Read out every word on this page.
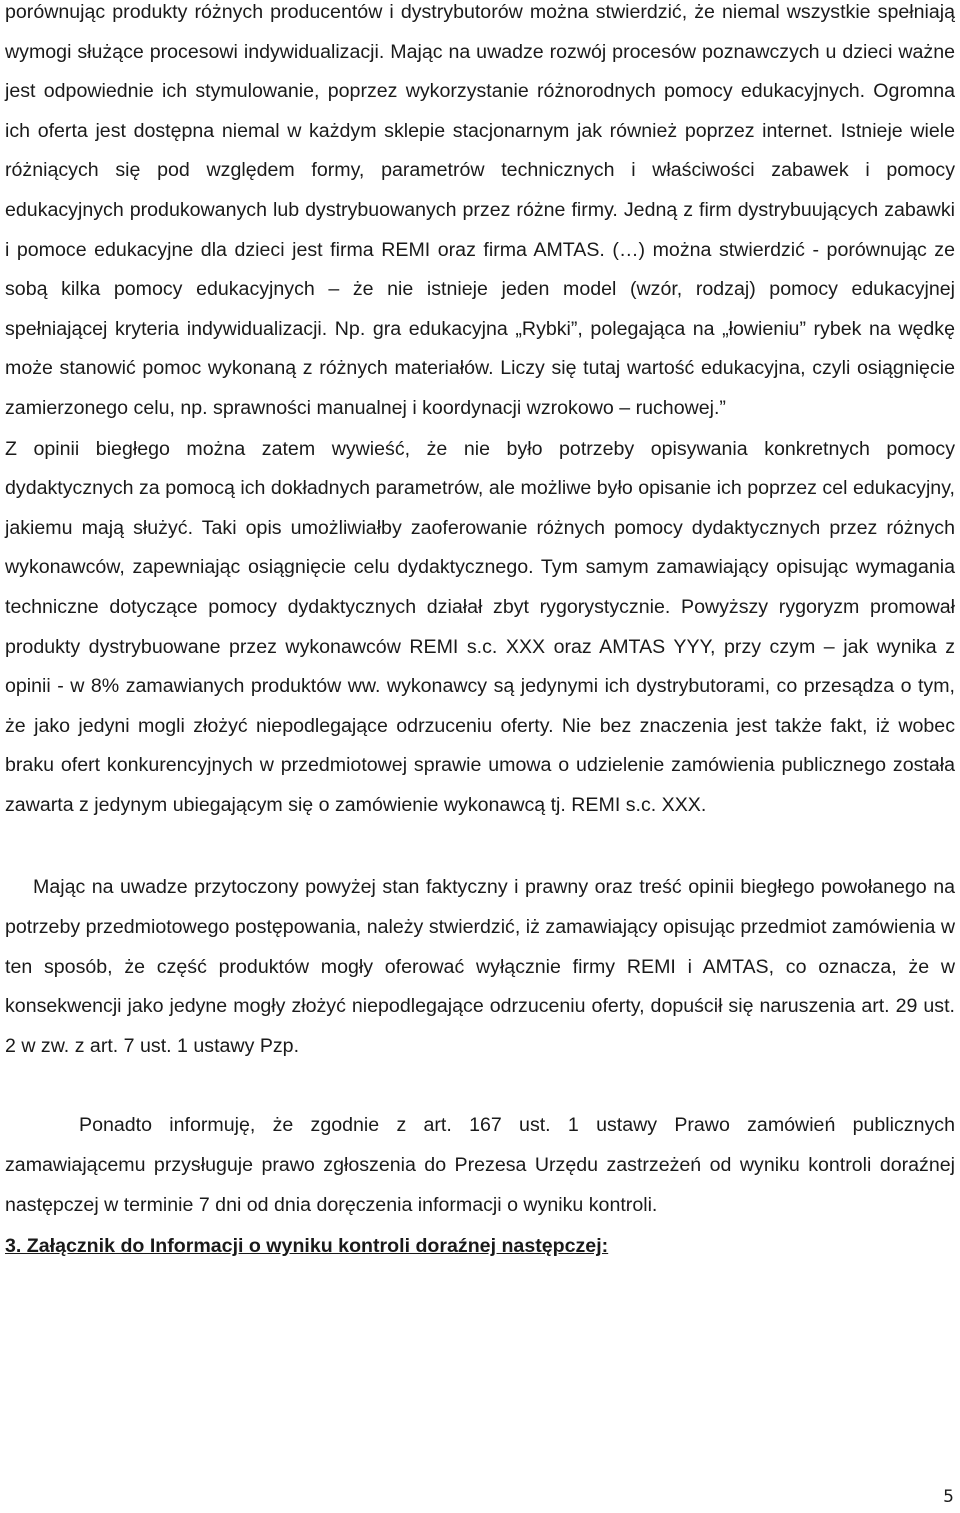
porównując produkty różnych producentów i dystrybutorów można stwierdzić, że niemal wszystkie spełniają wymogi służące procesowi indywidualizacji. Mając na uwadze rozwój procesów poznawczych u dzieci ważne jest odpowiednie ich stymulowanie, poprzez wykorzystanie różnorodnych pomocy edukacyjnych. Ogromna ich oferta jest dostępna niemal w każdym sklepie stacjonarnym jak również poprzez internet. Istnieje wiele różniących się pod względem formy, parametrów technicznych i właściwości zabawek i pomocy edukacyjnych produkowanych lub dystrybuowanych przez różne firmy. Jedną z firm dystrybuujących zabawki i pomoce edukacyjne dla dzieci jest firma REMI oraz firma AMTAS. (…) można stwierdzić - porównując ze sobą kilka pomocy edukacyjnych – że nie istnieje jeden model (wzór, rodzaj) pomocy edukacyjnej spełniającej kryteria indywidualizacji. Np. gra edukacyjna „Rybki”, polegająca na „łowieniu” rybek na wędkę może stanowić pomoc wykonaną z różnych materiałów. Liczy się tutaj wartość edukacyjna, czyli osiągnięcie zamierzonego celu, np. sprawności manualnej i koordynacji wzrokowo – ruchowej.”

Z opinii biegłego można zatem wywieść, że nie było potrzeby opisywania konkretnych pomocy dydaktycznych za pomocą ich dokładnych parametrów, ale możliwe było opisanie ich poprzez cel edukacyjny, jakiemu mają służyć. Taki opis umożliwiałby zaoferowanie różnych pomocy dydaktycznych przez różnych wykonawców, zapewniając osiągnięcie celu dydaktycznego. Tym samym zamawiający opisując wymagania techniczne dotyczące pomocy dydaktycznych działał zbyt rygorystycznie. Powyższy rygoryzm promował produkty dystrybuowane przez wykonawców REMI s.c. XXX oraz AMTAS YYY, przy czym – jak wynika z opinii - w 8% zamawianych produktów ww. wykonawcy są jedynymi ich dystrybutorami, co przesądza o tym, że jako jedyni mogli złożyć niepodlegające odrzuceniu oferty. Nie bez znaczenia jest także fakt, iż wobec braku ofert konkurencyjnych w przedmiotowej sprawie umowa o udzielenie zamówienia publicznego została zawarta z jedynym ubiegającym się o zamówienie wykonawcą tj. REMI s.c. XXX.

Mając na uwadze przytoczony powyżej stan faktyczny i prawny oraz treść opinii biegłego powołanego na potrzeby przedmiotowego postępowania, należy stwierdzić, iż zamawiający opisując przedmiot zamówienia w ten sposób, że część produktów mogły oferować wyłącznie firmy REMI i AMTAS, co oznacza, że w konsekwencji jako jedyne mogły złożyć niepodlegające odrzuceniu oferty, dopuścił się naruszenia art. 29 ust. 2 w zw. z art. 7 ust. 1 ustawy Pzp.

Ponadto informuję, że zgodnie z art. 167 ust. 1 ustawy Prawo zamówień publicznych zamawiającemu przysługuje prawo zgłoszenia do Prezesa Urzędu zastrzeżeń od wyniku kontroli doraźnej następczej w terminie 7 dni od dnia doręczenia informacji o wyniku kontroli.

3. Załącznik do Informacji o wyniku kontroli doraźnej następczej:

5
